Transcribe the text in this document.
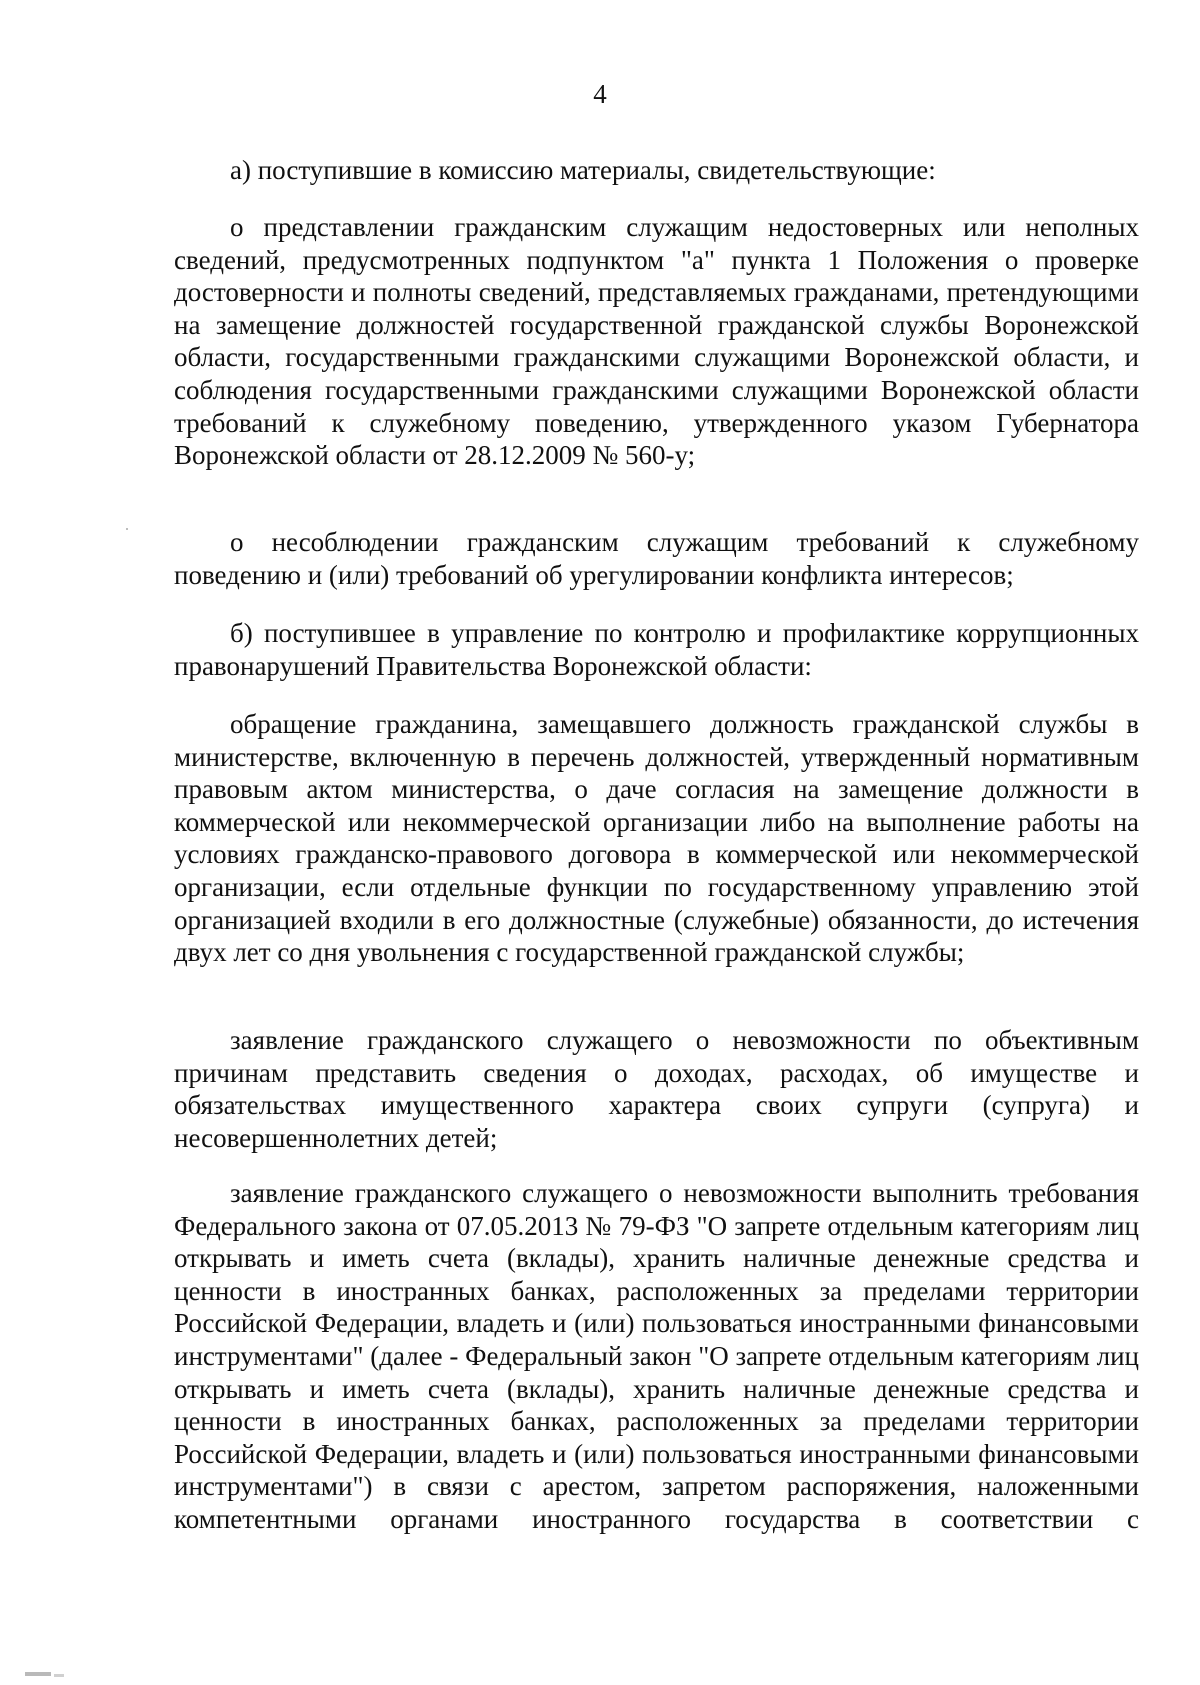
4

а) поступившие в комиссию материалы, свидетельствующие:

о представлении гражданским служащим недостоверных или неполных сведений, предусмотренных подпунктом "а" пункта 1 Положения о проверке достоверности и полноты сведений, представляемых гражданами, претендующими на замещение должностей государственной гражданской службы Воронежской области, государственными гражданскими служащими Воронежской области, и соблюдения государственными гражданскими служащими Воронежской области требований к служебному поведению, утвержденного указом Губернатора Воронежской области от 28.12.2009 № 560-у;

о несоблюдении гражданским служащим требований к служебному поведению и (или) требований об урегулировании конфликта интересов;

б) поступившее в управление по контролю и профилактике коррупционных правонарушений Правительства Воронежской области:

обращение гражданина, замещавшего должность гражданской службы в министерстве, включенную в перечень должностей, утвержденный нормативным правовым актом министерства, о даче согласия на замещение должности в коммерческой или некоммерческой организации либо на выполнение работы на условиях гражданско-правового договора в коммерческой или некоммерческой организации, если отдельные функции по государственному управлению этой организацией входили в его должностные (служебные) обязанности, до истечения двух лет со дня увольнения с государственной гражданской службы;

заявление гражданского служащего о невозможности по объективным причинам представить сведения о доходах, расходах, об имуществе и обязательствах имущественного характера своих супруги (супруга) и несовершеннолетних детей;

заявление гражданского служащего о невозможности выполнить требования Федерального закона от 07.05.2013 № 79-ФЗ "О запрете отдельным категориям лиц открывать и иметь счета (вклады), хранить наличные денежные средства и ценности в иностранных банках, расположенных за пределами территории Российской Федерации, владеть и (или) пользоваться иностранными финансовыми инструментами" (далее - Федеральный закон "О запрете отдельным категориям лиц открывать и иметь счета (вклады), хранить наличные денежные средства и ценности в иностранных банках, расположенных за пределами территории Российской Федерации, владеть и (или) пользоваться иностранными финансовыми инструментами") в связи с арестом, запретом распоряжения, наложенными компетентными органами иностранного государства в соответствии с
